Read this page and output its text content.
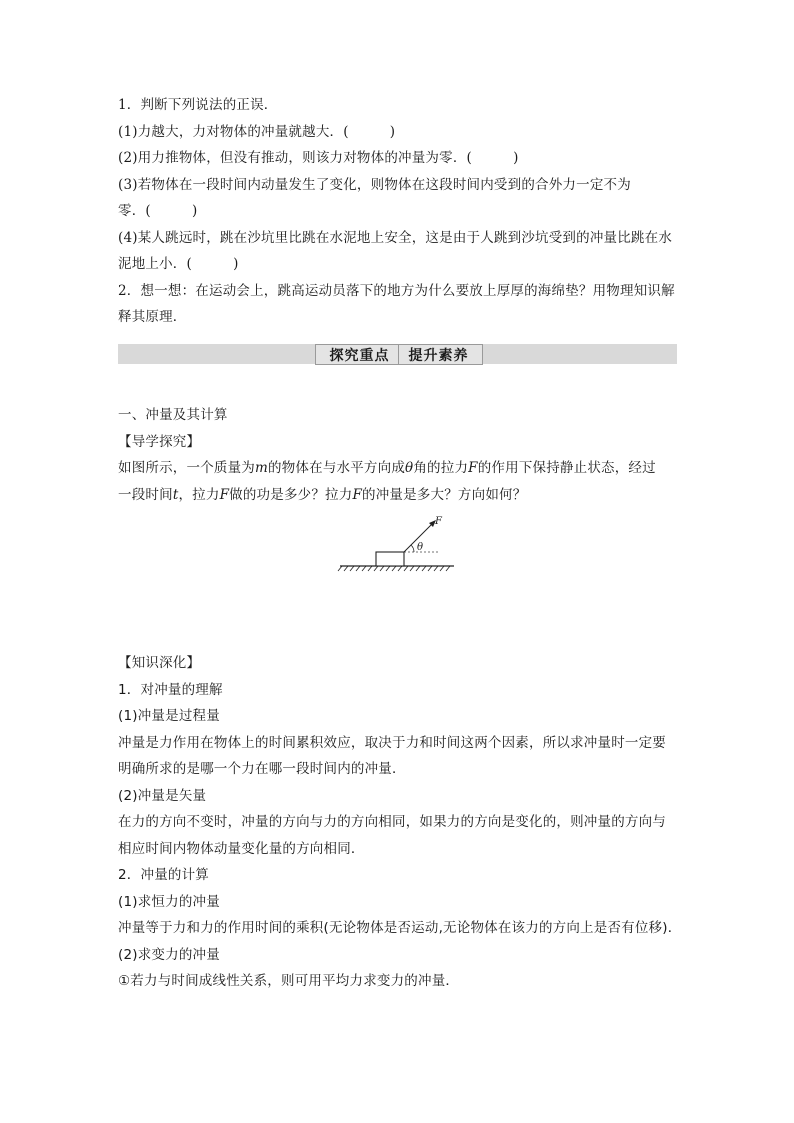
1．判断下列说法的正误．
(1)力越大，力对物体的冲量就越大．(　　　)
(2)用力推物体，但没有推动，则该力对物体的冲量为零．(　　　)
(3)若物体在一段时间内动量发生了变化，则物体在这段时间内受到的合外力一定不为
零．(　　　)
(4)某人跳远时，跳在沙坑里比跳在水泥地上安全，这是由于人跳到沙坑受到的冲量比跳在水
泥地上小．(　　　)
2．想一想：在运动会上，跳高运动员落下的地方为什么要放上厚厚的海绵垫？用物理知识解
释其原理．
探究重点 提升素养
一、冲量及其计算
【导学探究】
如图所示，一个质量为m的物体在与水平方向成θ角的拉力F的作用下保持静止状态，经过
一段时间t，拉力F做的功是多少？拉力F的冲量是多大？方向如何？
θ
F
【知识深化】
1．对冲量的理解
(1)冲量是过程量
冲量是力作用在物体上的时间累积效应，取决于力和时间这两个因素，所以求冲量时一定要
明确所求的是哪一个力在哪一段时间内的冲量．
(2)冲量是矢量
在力的方向不变时，冲量的方向与力的方向相同，如果力的方向是变化的，则冲量的方向与
相应时间内物体动量变化量的方向相同．
2．冲量的计算
(1)求恒力的冲量
冲量等于力和力的作用时间的乘积(无论物体是否运动,无论物体在该力的方向上是否有位移)．
(2)求变力的冲量
①若力与时间成线性关系，则可用平均力求变力的冲量．
